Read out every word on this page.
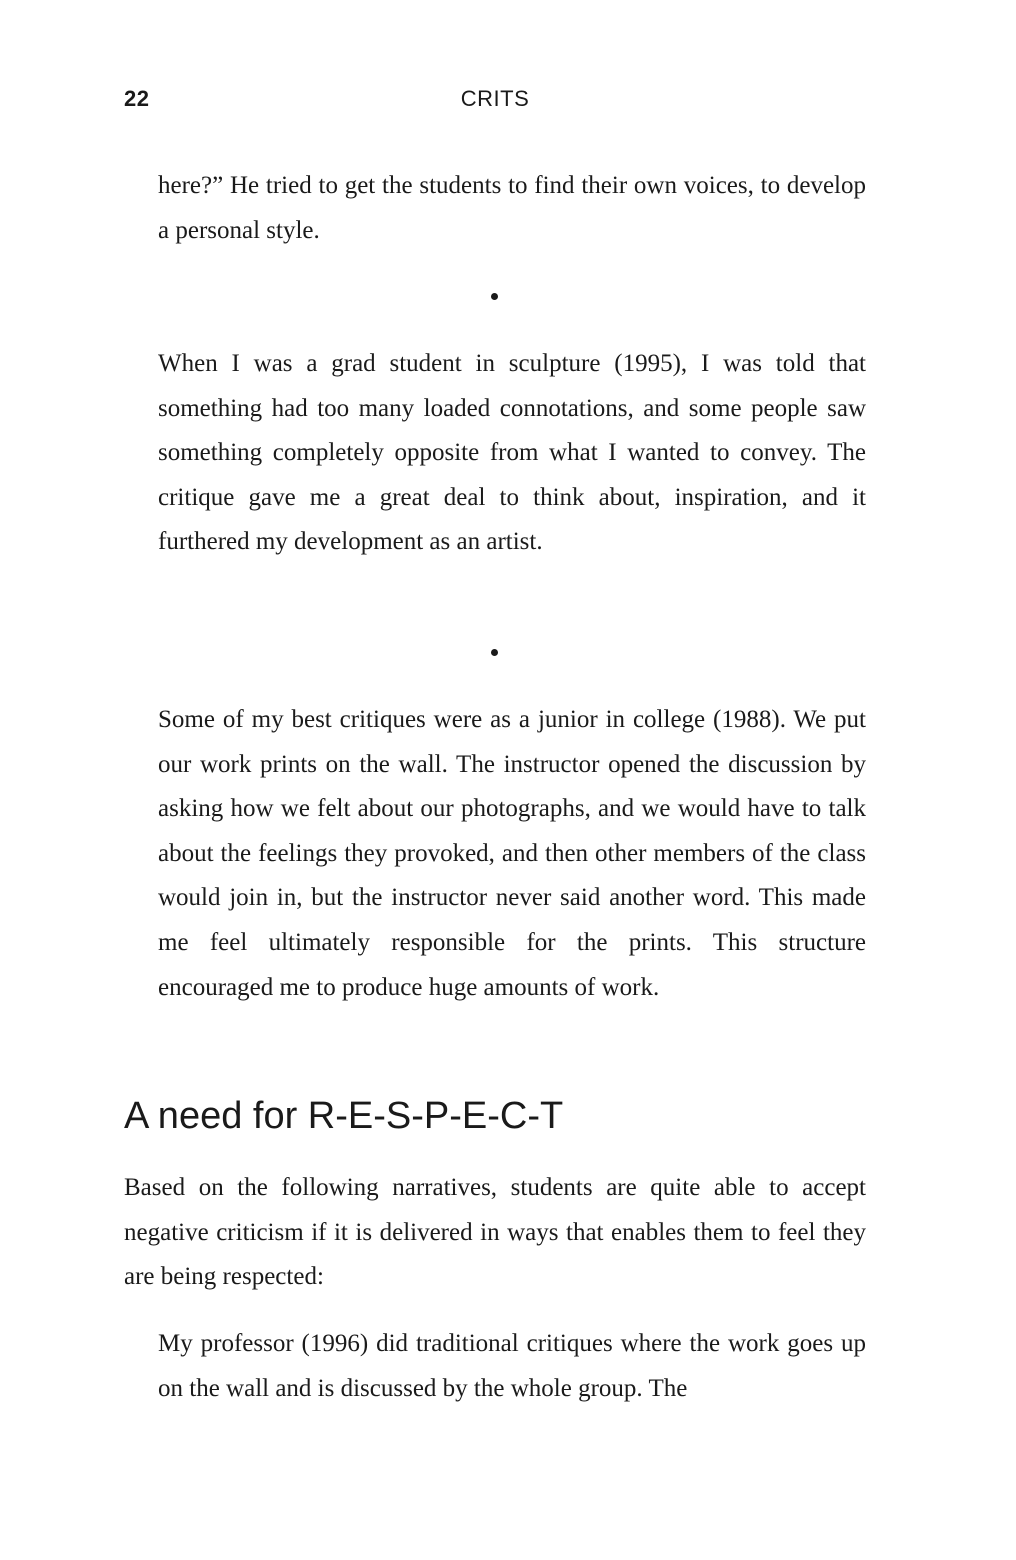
22	CRITS

here?” He tried to get the students to find their own voices, to develop a personal style.

When I was a grad student in sculpture (1995), I was told that something had too many loaded connotations, and some people saw something completely opposite from what I wanted to convey. The critique gave me a great deal to think about, inspiration, and it furthered my development as an artist.

Some of my best critiques were as a junior in college (1988). We put our work prints on the wall. The instructor opened the discussion by asking how we felt about our photographs, and we would have to talk about the feelings they provoked, and then other members of the class would join in, but the instructor never said another word. This made me feel ultimately responsible for the prints. This structure encouraged me to produce huge amounts of work.

A need for R-E-S-P-E-C-T

Based on the following narratives, students are quite able to accept negative criticism if it is delivered in ways that enables them to feel they are being respected:

My professor (1996) did traditional critiques where the work goes up on the wall and is discussed by the whole group. The
